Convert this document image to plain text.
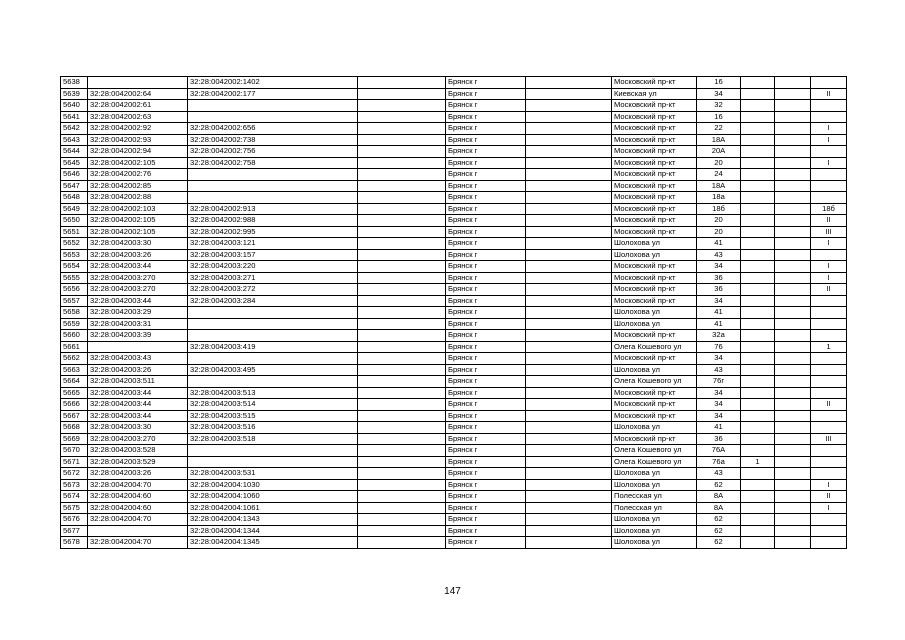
5638		32:28:0042002:1402		Брянск г		Московский пр-кт	16			
5639	32:28:0042002:64	32:28:0042002:177		Брянск г		Киевская ул	34			II
5640	32:28:0042002:61			Брянск г		Московский пр-кт	32			
5641	32:28:0042002:63			Брянск г		Московский пр-кт	16			
5642	32:28:0042002:92	32:28:0042002:656		Брянск г		Московский пр-кт	22			I
5643	32:28:0042002:93	32:28:0042002:738		Брянск г		Московский пр-кт	18А			I
5644	32:28:0042002:94	32:28:0042002:756		Брянск г		Московский пр-кт	20А			
5645	32:28:0042002:105	32:28:0042002:758		Брянск г		Московский пр-кт	20			I
5646	32:28:0042002:76			Брянск г		Московский пр-кт	24			
5647	32:28:0042002:85			Брянск г		Московский пр-кт	18А			
5648	32:28:0042002:88			Брянск г		Московский пр-кт	18а			
5649	32:28:0042002:103	32:28:0042002:913		Брянск г		Московский пр-кт	18б			18б
5650	32:28:0042002:105	32:28:0042002:988		Брянск г		Московский пр-кт	20			II
5651	32:28:0042002:105	32:28:0042002:995		Брянск г		Московский пр-кт	20			III
5652	32:28:0042003:30	32:28:0042003:121		Брянск г		Шолохова ул	41			I
5653	32:28:0042003:26	32:28:0042003:157		Брянск г		Шолохова ул	43			
5654	32:28:0042003:44	32:28:0042003:220		Брянск г		Московский пр-кт	34			I
5655	32:28:0042003:270	32:28:0042003:271		Брянск г		Московский пр-кт	36			I
5656	32:28:0042003:270	32:28:0042003:272		Брянск г		Московский пр-кт	36			II
5657	32:28:0042003:44	32:28:0042003:284		Брянск г		Московский пр-кт	34			
5658	32:28:0042003:29			Брянск г		Шолохова ул	41			
5659	32:28:0042003:31			Брянск г		Шолохова ул	41			
5660	32:28:0042003:39			Брянск г		Московский пр-кт	32а			
5661		32:28:0042003:419		Брянск г		Олега Кошевого ул	76			1
5662	32:28:0042003:43			Брянск г		Московский пр-кт	34			
5663	32:28:0042003:26	32:28:0042003:495		Брянск г		Шолохова ул	43			
5664	32:28:0042003:511			Брянск г		Олега Кошевого ул	76г			
5665	32:28:0042003:44	32:28:0042003:513		Брянск г		Московский пр-кт	34			
5666	32:28:0042003:44	32:28:0042003:514		Брянск г		Московский пр-кт	34			II
5667	32:28:0042003:44	32:28:0042003:515		Брянск г		Московский пр-кт	34			
5668	32:28:0042003:30	32:28:0042003:516		Брянск г		Шолохова ул	41			
5669	32:28:0042003:270	32:28:0042003:518		Брянск г		Московский пр-кт	36			III
5670	32:28:0042003:528			Брянск г		Олега Кошевого ул	76А			
5671	32:28:0042003:529			Брянск г		Олега Кошевого ул	76а	1		
5672	32:28:0042003:26	32:28:0042003:531		Брянск г		Шолохова ул	43			
5673	32:28:0042004:70	32:28:0042004:1030		Брянск г		Шолохова ул	62			I
5674	32:28:0042004:60	32:28:0042004:1060		Брянск г		Полесская ул	8А			II
5675	32:28:0042004:60	32:28:0042004:1061		Брянск г		Полесская ул	8А			I
5676	32:28:0042004:70	32:28:0042004:1343		Брянск г		Шолохова ул	62			
5677		32:28:0042004:1344		Брянск г		Шолохова ул	62			
5678	32:28:0042004:70	32:28:0042004:1345		Брянск г		Шолохова ул	62			
147
